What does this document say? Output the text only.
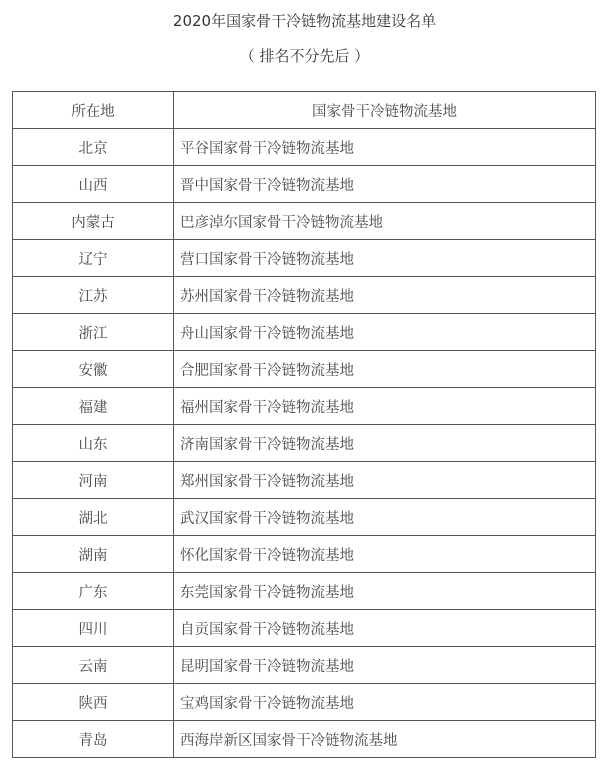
2020年国家骨干冷链物流基地建设名单
（ 排名不分先后 ）
所在地	国家骨干冷链物流基地
北京	平谷国家骨干冷链物流基地
山西	晋中国家骨干冷链物流基地
内蒙古	巴彦淖尔国家骨干冷链物流基地
辽宁	营口国家骨干冷链物流基地
江苏	苏州国家骨干冷链物流基地
浙江	舟山国家骨干冷链物流基地
安徽	合肥国家骨干冷链物流基地
福建	福州国家骨干冷链物流基地
山东	济南国家骨干冷链物流基地
河南	郑州国家骨干冷链物流基地
湖北	武汉国家骨干冷链物流基地
湖南	怀化国家骨干冷链物流基地
广东	东莞国家骨干冷链物流基地
四川	自贡国家骨干冷链物流基地
云南	昆明国家骨干冷链物流基地
陕西	宝鸡国家骨干冷链物流基地
青岛	西海岸新区国家骨干冷链物流基地
